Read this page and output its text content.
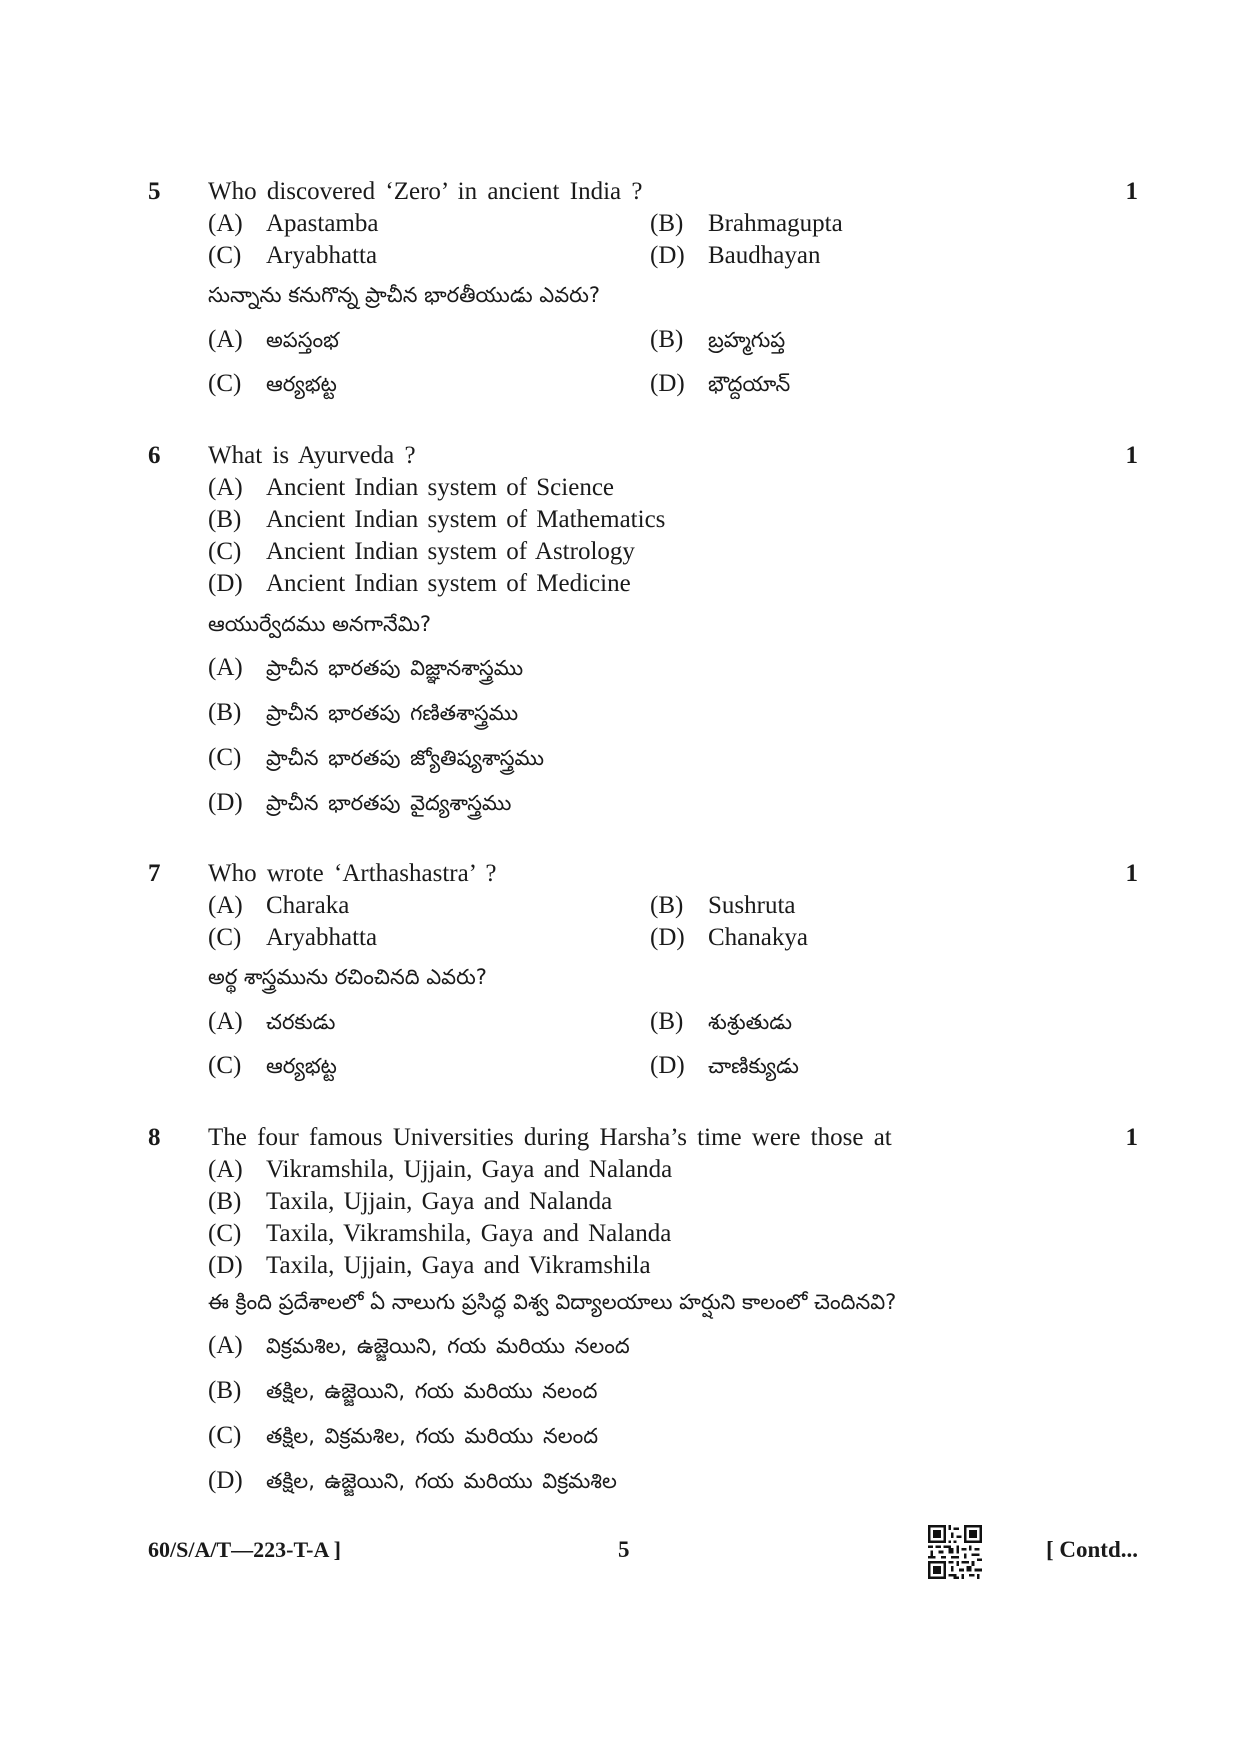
5 Who discovered ‘Zero’ in ancient India ?	1
(A) Apastamba	(B) Brahmagupta
(C) Aryabhatta	(D) Baudhayan
సున్నాను కనుగొన్న ప్రాచీన భారతీయుడు ఎవరు?
(A) అపస్తంభ	(B) బ్రహ్మగుప్త
(C) ఆర్యభట్ట	(D) భౌద్దయాన్
6 What is Ayurveda ?	1
(A) Ancient Indian system of Science
(B) Ancient Indian system of Mathematics
(C) Ancient Indian system of Astrology
(D) Ancient Indian system of Medicine
ఆయుర్వేదము అనగానేమి?
(A) ప్రాచీన భారతపు విజ్ఞానశాస్త్రము
(B) ప్రాచీన భారతపు గణితశాస్త్రము
(C) ప్రాచీన భారతపు జ్యోతిష్యశాస్త్రము
(D) ప్రాచీన భారతపు వైద్యశాస్త్రము
7 Who wrote ‘Arthashastra’ ?	1
(A) Charaka	(B) Sushruta
(C) Aryabhatta	(D) Chanakya
అర్థ శాస్త్రమును రచించినది ఎవరు?
(A) చరకుడు	(B) శుశ్రుతుడు
(C) ఆర్యభట్ట	(D) చాణిక్యుడు
8 The four famous Universities during Harsha’s time were those at	1
(A) Vikramshila, Ujjain, Gaya and Nalanda
(B) Taxila, Ujjain, Gaya and Nalanda
(C) Taxila, Vikramshila, Gaya and Nalanda
(D) Taxila, Ujjain, Gaya and Vikramshila
ఈ క్రింది ప్రదేశాలలో ఏ నాలుగు ప్రసిద్ధ విశ్వ విద్యాలయాలు హర్షుని కాలంలో చెందినవి?
(A) విక్రమశిల, ఉజ్జెయిని, గయ మరియు నలంద
(B) తక్షిల, ఉజ్జెయిని, గయ మరియు నలంద
(C) తక్షిల, విక్రమశిల, గయ మరియు నలంద
(D) తక్షిల, ఉజ్జెయిని, గయ మరియు విక్రమశిల
60/S/A/T—223-T-A ]	5	[ Contd...
